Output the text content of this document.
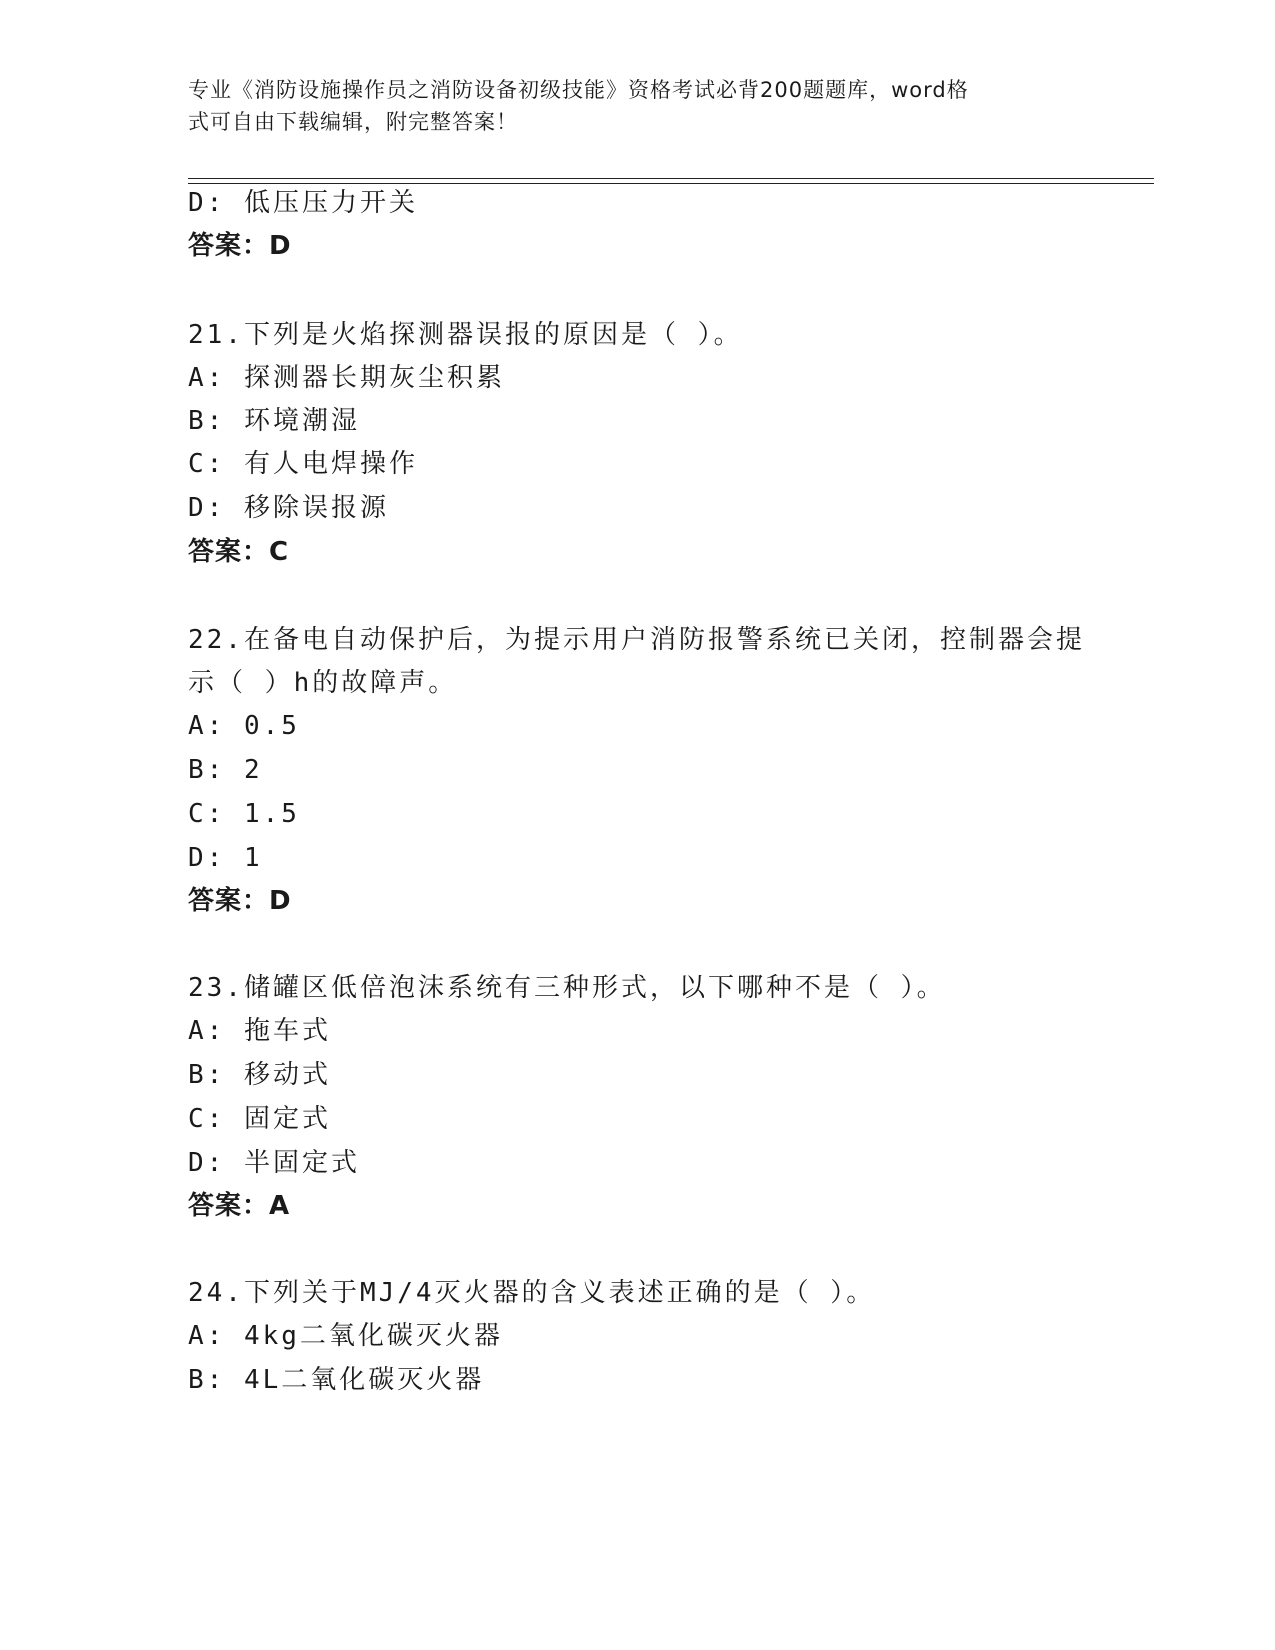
专业《消防设施操作员之消防设备初级技能》资格考试必背200题题库，word格
式可自由下载编辑，附完整答案！
D: 低压压力开关
答案：D
21.下列是火焰探测器误报的原因是（ ）。
A: 探测器长期灰尘积累
B: 环境潮湿
C: 有人电焊操作
D: 移除误报源
答案：C
22.在备电自动保护后，为提示用户消防报警系统已关闭，控制器会提
示（ ）h的故障声。
A: 0.5
B: 2
C: 1.5
D: 1
答案：D
23.储罐区低倍泡沫系统有三种形式，以下哪种不是（ ）。
A: 拖车式
B: 移动式
C: 固定式
D: 半固定式
答案：A
24.下列关于MJ/4灭火器的含义表述正确的是（ ）。
A: 4kg二氧化碳灭火器
B: 4L二氧化碳灭火器
